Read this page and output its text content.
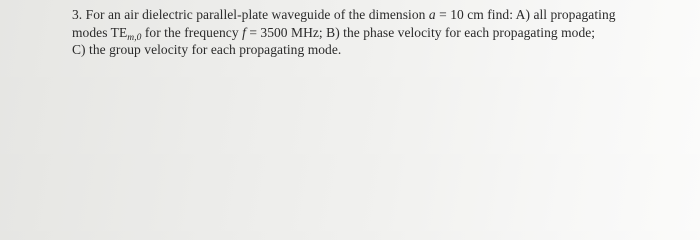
3. For an air dielectric parallel-plate waveguide of the dimension a = 10 cm find: A) all propagating
modes $TE_{m,0}$ for the frequency f = 3500 MHz; B) the phase velocity for each propagating mode;
C) the group velocity for each propagating mode.
